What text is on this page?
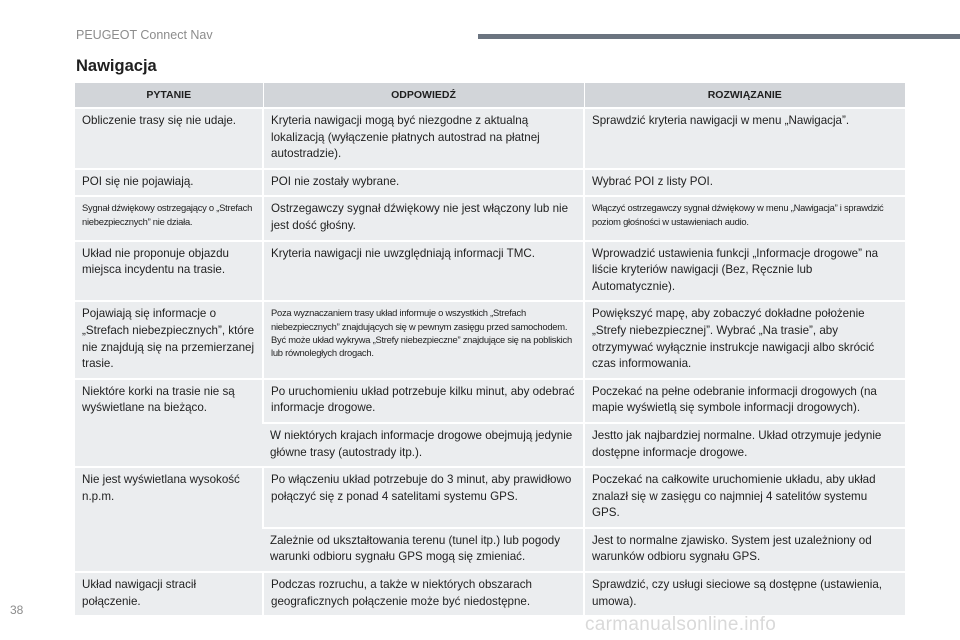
PEUGEOT Connect Nav
Nawigacja
PYTANIE	ODPOWIEDŹ	ROZWIĄZANIE
Obliczenie trasy się nie udaje.	Kryteria nawigacji mogą być niezgodne z aktualną lokalizacją (wyłączenie płatnych autostrad na płatnej autostradzie).	Sprawdzić kryteria nawigacji w menu „Nawigacja”.
POI się nie pojawiają.	POI nie zostały wybrane.	Wybrać POI z listy POI.
Sygnał dźwiękowy ostrzegający o „Strefach niebezpiecznych” nie działa.	Ostrzegawczy sygnał dźwiękowy nie jest włączony lub nie jest dość głośny.	Włączyć ostrzegawczy sygnał dźwiękowy w menu „Nawigacja” i sprawdzić poziom głośności w ustawieniach audio.
Układ nie proponuje objazdu miejsca incydentu na trasie.	Kryteria nawigacji nie uwzględniają informacji TMC.	Wprowadzić ustawienia funkcji „Informacje drogowe” na liście kryteriów nawigacji (Bez, Ręcznie lub Automatycznie).
Pojawiają się informacje o „Strefach niebezpiecznych”, które nie znajdują się na przemierzanej trasie.	Poza wyznaczaniem trasy układ informuje o wszystkich „Strefach niebezpiecznych” znajdujących się w pewnym zasięgu przed samochodem. Być może układ wykrywa „Strefy niebezpieczne” znajdujące się na pobliskich lub równoległych drogach.	Powiększyć mapę, aby zobaczyć dokładne położenie „Strefy niebezpiecznej”. Wybrać „Na trasie”, aby otrzymywać wyłącznie instrukcje nawigacji albo skrócić czas informowania.
Niektóre korki na trasie nie są wyświetlane na bieżąco.	Po uruchomieniu układ potrzebuje kilku minut, aby odebrać informacje drogowe.	Poczekać na pełne odebranie informacji drogowych (na mapie wyświetlą się symbole informacji drogowych).
	W niektórych krajach informacje drogowe obejmują jedynie główne trasy (autostrady itp.).	Jestto jak najbardziej normalne. Układ otrzymuje jedynie dostępne informacje drogowe.
Nie jest wyświetlana wysokość n.p.m.	Po włączeniu układ potrzebuje do 3 minut, aby prawidłowo połączyć się z ponad 4 satelitami systemu GPS.	Poczekać na całkowite uruchomienie układu, aby układ znalazł się w zasięgu co najmniej 4 satelitów systemu GPS.
	Zależnie od ukształtowania terenu (tunel itp.) lub pogody warunki odbioru sygnału GPS mogą się zmieniać.	Jest to normalne zjawisko. System jest uzależniony od warunków odbioru sygnału GPS.
Układ nawigacji stracił połączenie.	Podczas rozruchu, a także w niektórych obszarach geograficznych połączenie może być niedostępne.	Sprawdzić, czy usługi sieciowe są dostępne (ustawienia, umowa).
38
carmanualsonline.info
